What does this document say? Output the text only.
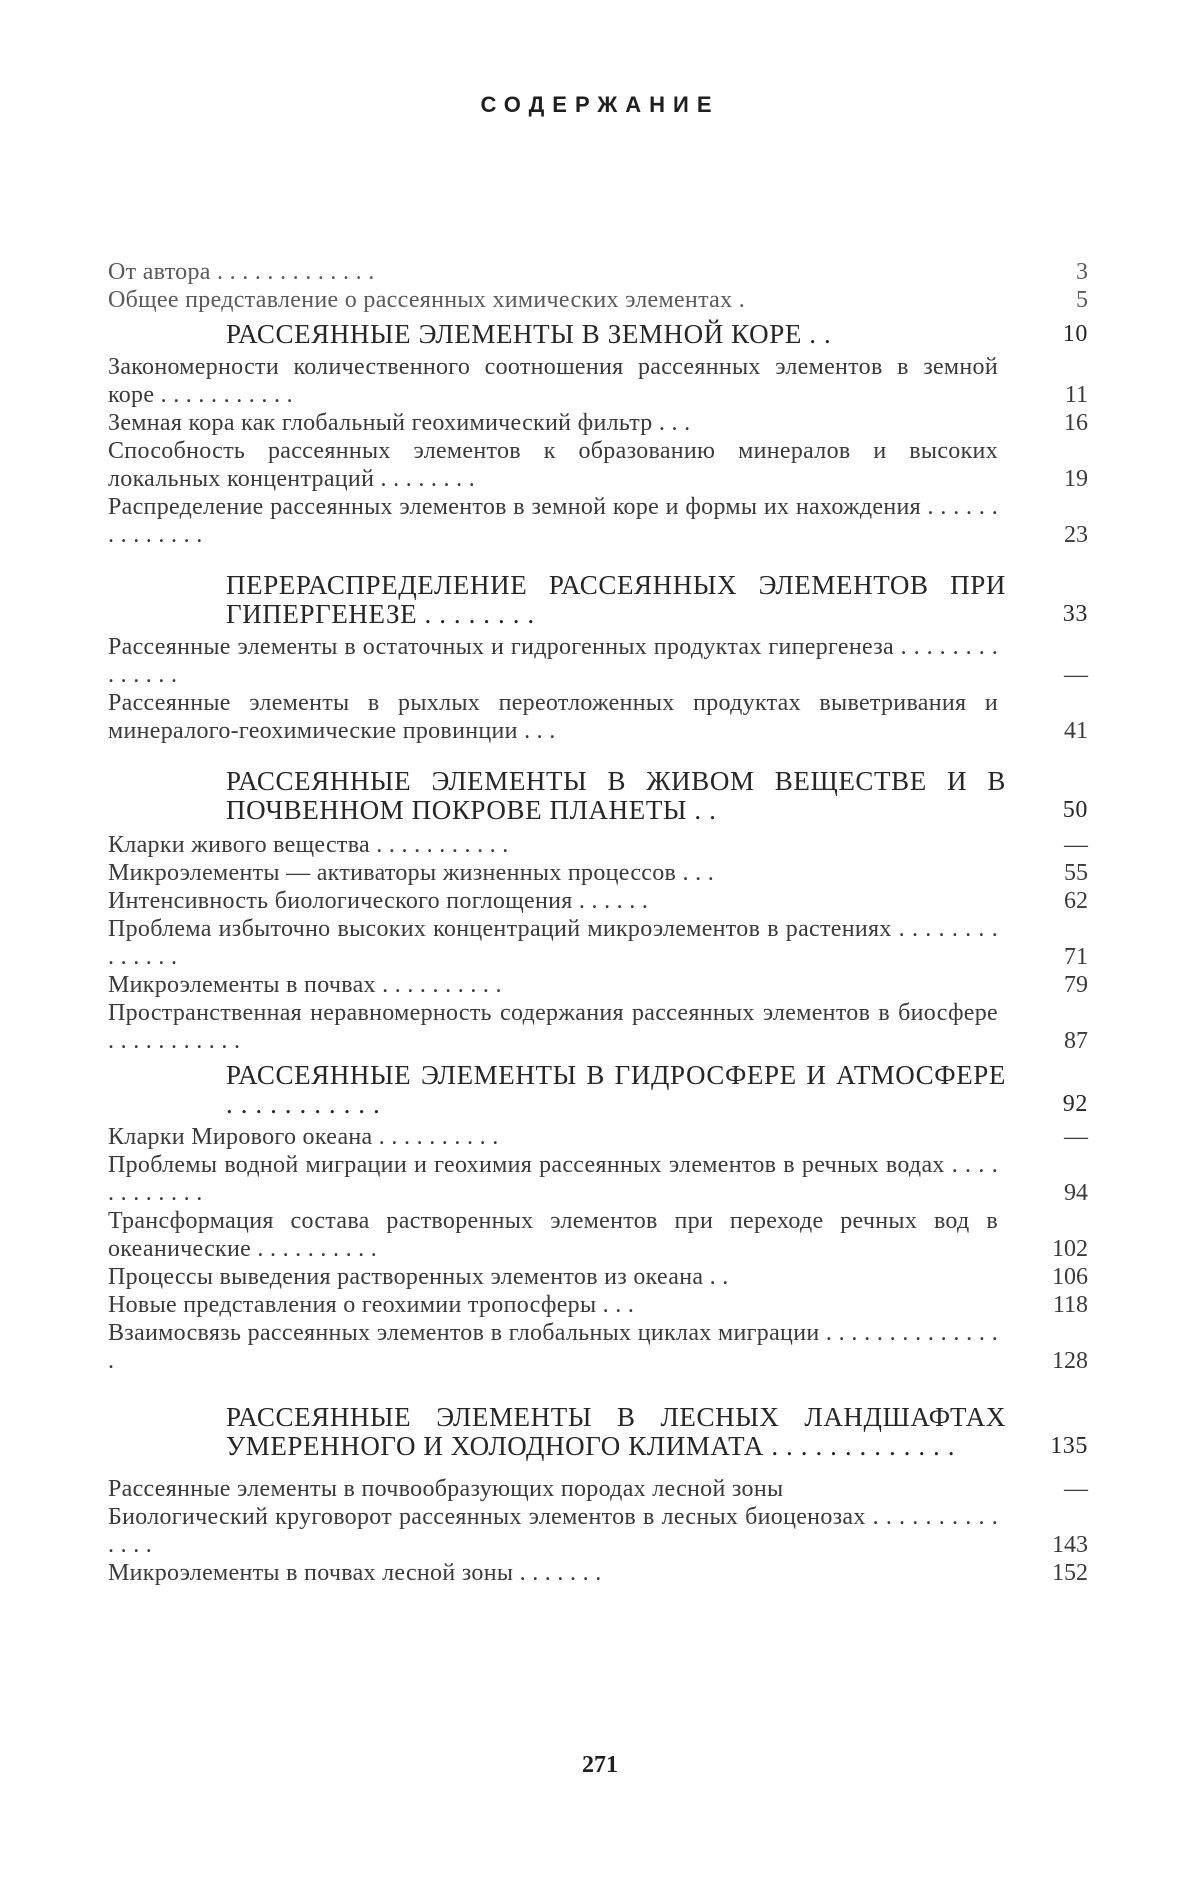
СОДЕРЖАНИЕ
От автора . . . . . . . . . . . . .	3
Общее представление о рассеянных химических элементах .	5
РАССЕЯННЫЕ ЭЛЕМЕНТЫ В ЗЕМНОЙ КОРЕ . .	10
Закономерности количественного соотношения рассеянных элементов в земной коре . . . . . . . . . . .	11
Земная кора как глобальный геохимический фильтр . . .	16
Способность рассеянных элементов к образованию минералов и высоких локальных концентраций . . . . . . . .	19
Распределение рассеянных элементов в земной коре и формы их нахождения . . . . . . . . . . . . . .	23
ПЕРЕРАСПРЕДЕЛЕНИЕ РАССЕЯННЫХ ЭЛЕМЕНТОВ ПРИ ГИПЕРГЕНЕЗЕ . . . . . . . .	33
Рассеянные элементы в остаточных и гидрогенных продуктах гипергенеза . . . . . . . . . . . . . .	—
Рассеянные элементы в рыхлых переотложенных продуктах выветривания и минералого-геохимические провинции . . .	41
РАССЕЯННЫЕ ЭЛЕМЕНТЫ В ЖИВОМ ВЕЩЕСТВЕ И В ПОЧВЕННОМ ПОКРОВЕ ПЛАНЕТЫ . .	50
Кларки живого вещества . . . . . . . . . . .	—
Микроэлементы — активаторы жизненных процессов . . .	55
Интенсивность биологического поглощения . . . . . .	62
Проблема избыточно высоких концентраций микроэлементов в растениях . . . . . . . . . . . . . .	71
Микроэлементы в почвах . . . . . . . . . .	79
Пространственная неравномерность содержания рассеянных элементов в биосфере . . . . . . . . . . .	87
РАССЕЯННЫЕ ЭЛЕМЕНТЫ В ГИДРОСФЕРЕ И АТМОСФЕРЕ . . . . . . . . . . .	92
Кларки Мирового океана . . . . . . . . . .	—
Проблемы водной миграции и геохимия рассеянных элементов в речных водах . . . . . . . . . . . .	94
Трансформация состава растворенных элементов при переходе речных вод в океанические . . . . . . . . . .	102
Процессы выведения растворенных элементов из океана . .	106
Новые представления о геохимии тропосферы . . .	118
Взаимосвязь рассеянных элементов в глобальных циклах миграции . . . . . . . . . . . . . . .	128
РАССЕЯННЫЕ ЭЛЕМЕНТЫ В ЛЕСНЫХ ЛАНДШАФТАХ УМЕРЕННОГО И ХОЛОДНОГО КЛИМАТА . . . . . . . . . . . . .	135
Рассеянные элементы в почвообразующих породах лесной зоны	—
Биологический круговорот рассеянных элементов в лесных биоценозах . . . . . . . . . . . . . .	143
Микроэлементы в почвах лесной зоны . . . . . . .	152
271
